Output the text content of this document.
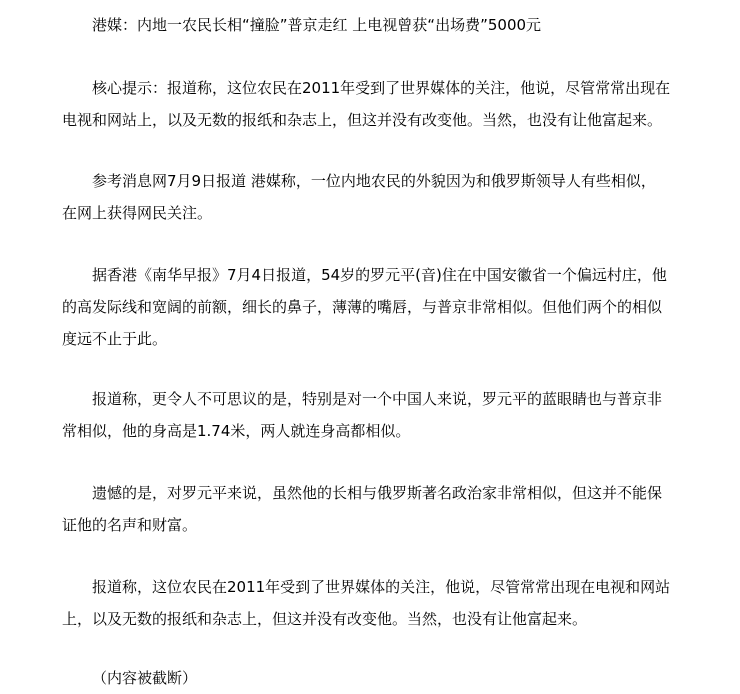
港媒：内地一农民长相“撞脸”普京走红 上电视曾获“出场费”5000元
核心提示：报道称，这位农民在2011年受到了世界媒体的关注，他说，尽管常常出现在
电视和网站上，以及无数的报纸和杂志上，但这并没有改变他。当然，也没有让他富起来。
参考消息网7月9日报道 港媒称，一位内地农民的外貌因为和俄罗斯领导人有些相似，
在网上获得网民关注。
据香港《南华早报》7月4日报道，54岁的罗元平(音)住在中国安徽省一个偏远村庄，他
的高发际线和宽阔的前额，细长的鼻子，薄薄的嘴唇，与普京非常相似。但他们两个的相似
度远不止于此。
报道称，更令人不可思议的是，特别是对一个中国人来说，罗元平的蓝眼睛也与普京非
常相似，他的身高是1.74米，两人就连身高都相似。
遗憾的是，对罗元平来说，虽然他的长相与俄罗斯著名政治家非常相似，但这并不能保
证他的名声和财富。
报道称，这位农民在2011年受到了世界媒体的关注，他说，尽管常常出现在电视和网站
上，以及无数的报纸和杂志上，但这并没有改变他。当然，也没有让他富起来。
（内容被截断）
